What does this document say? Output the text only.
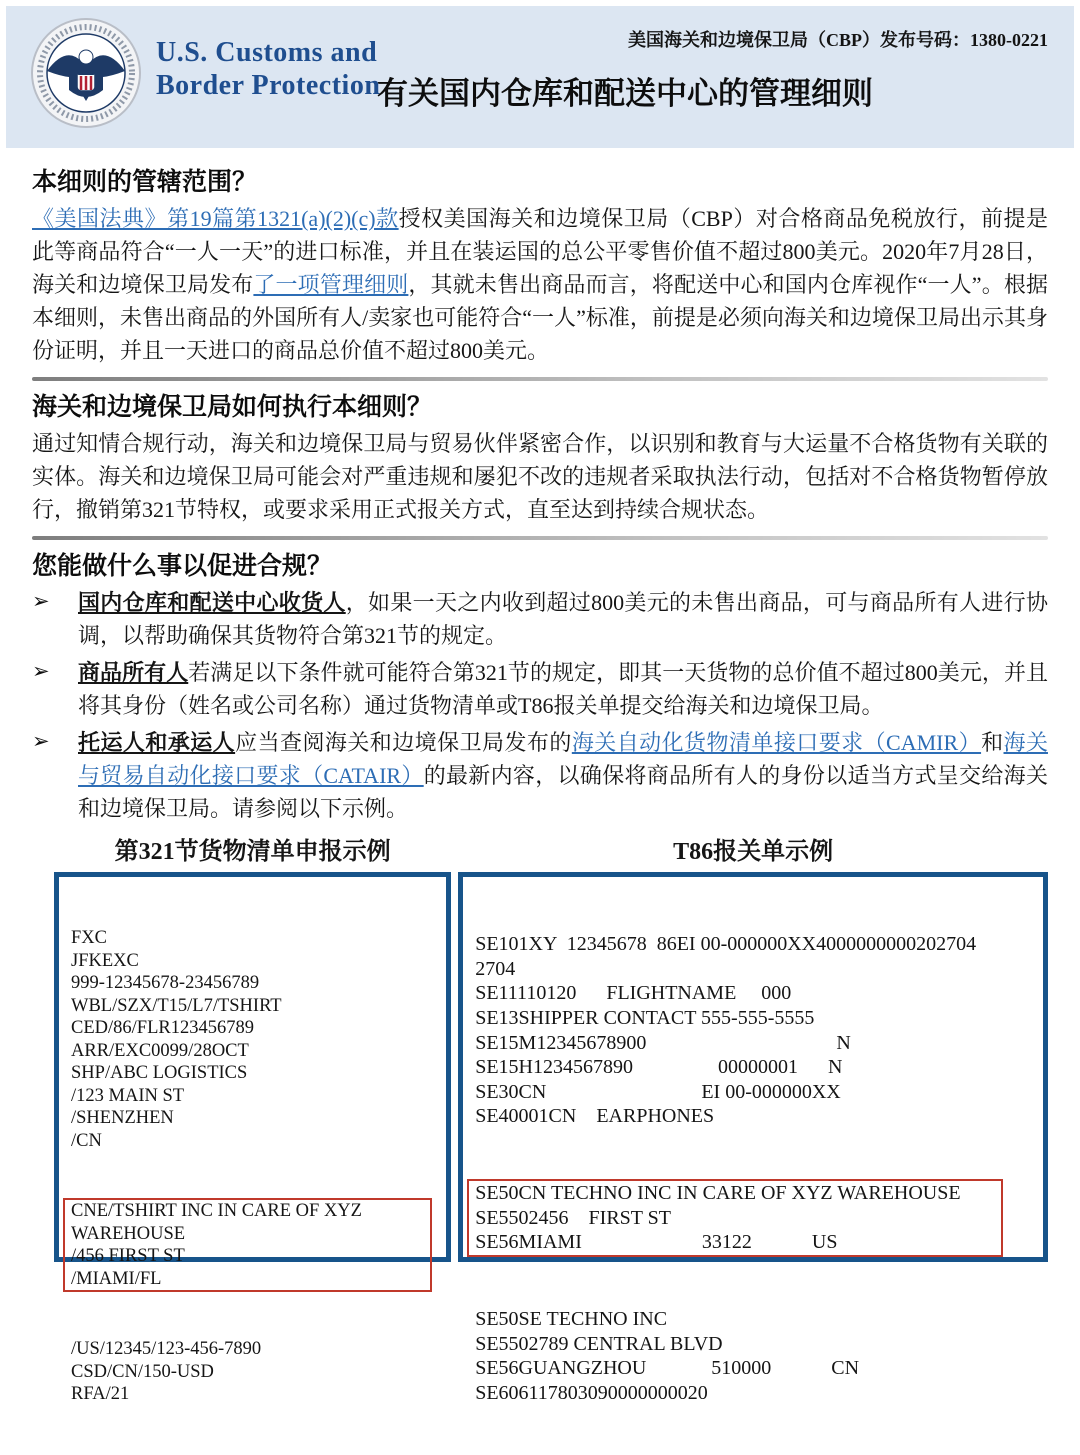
U.S. Customs and
Border Protection
美国海关和边境保卫局（CBP）发布号码：1380-0221
有关国内仓库和配送中心的管理细则
本细则的管辖范围？
《美国法典》第19篇第1321(a)(2)(c)款授权美国海关和边境保卫局（CBP）对合格商品免税放行，前提是此等商品符合“一人一天”的进口标准，并且在装运国的总公平零售价值不超过800美元。2020年7月28日，海关和边境保卫局发布了一项管理细则，其就未售出商品而言，将配送中心和国内仓库视作“一人”。根据本细则，未售出商品的外国所有人/卖家也可能符合“一人”标准，前提是必须向海关和边境保卫局出示其身份证明，并且一天进口的商品总价值不超过800美元。
海关和边境保卫局如何执行本细则？
通过知情合规行动，海关和边境保卫局与贸易伙伴紧密合作，以识别和教育与大运量不合格货物有关联的实体。海关和边境保卫局可能会对严重违规和屡犯不改的违规者采取执法行动，包括对不合格货物暂停放行，撤销第321节特权，或要求采用正式报关方式，直至达到持续合规状态。
您能做什么事以促进合规？
➢	国内仓库和配送中心收货人，如果一天之内收到超过800美元的未售出商品，可与商品所有人进行协调，以帮助确保其货物符合第321节的规定。
➢	商品所有人若满足以下条件就可能符合第321节的规定，即其一天货物的总价值不超过800美元，并且将其身份（姓名或公司名称）通过货物清单或T86报关单提交给海关和边境保卫局。
➢	托运人和承运人应当查阅海关和边境保卫局发布的海关自动化货物清单接口要求（CAMIR）和海关与贸易自动化接口要求（CATAIR）的最新内容，以确保将商品所有人的身份以适当方式呈交给海关和边境保卫局。请参阅以下示例。
第321节货物清单申报示例	T86报关单示例

FXC
JFKEXC
999-12345678-23456789
WBL/SZX/T15/L7/TSHIRT
CED/86/FLR123456789
ARR/EXC0099/28OCT
SHP/ABC LOGISTICS
/123 MAIN ST
/SHENZHEN
/CN

CNE/TSHIRT INC IN CARE OF XYZ
WAREHOUSE
/456 FIRST ST
/MIAMI/FL

/US/12345/123-456-7890
CSD/CN/150-USD
RFA/21

SE101XY  12345678  86EI 00-000000XX4000000000202704
2704
SE11110120      FLIGHTNAME     000
SE13SHIPPER CONTACT 555-555-5555
SE15M12345678900                                      N
SE15H1234567890                 00000001      N
SE30CN                               EI 00-000000XX
SE40001CN    EARPHONES

SE50CN TECHNO INC IN CARE OF XYZ WAREHOUSE
SE5502456    FIRST ST
SE56MIAMI                        33122            US

SE50SE TECHNO INC
SE5502789 CENTRAL BLVD
SE56GUANGZHOU             510000            CN
SE606117803090000000020
